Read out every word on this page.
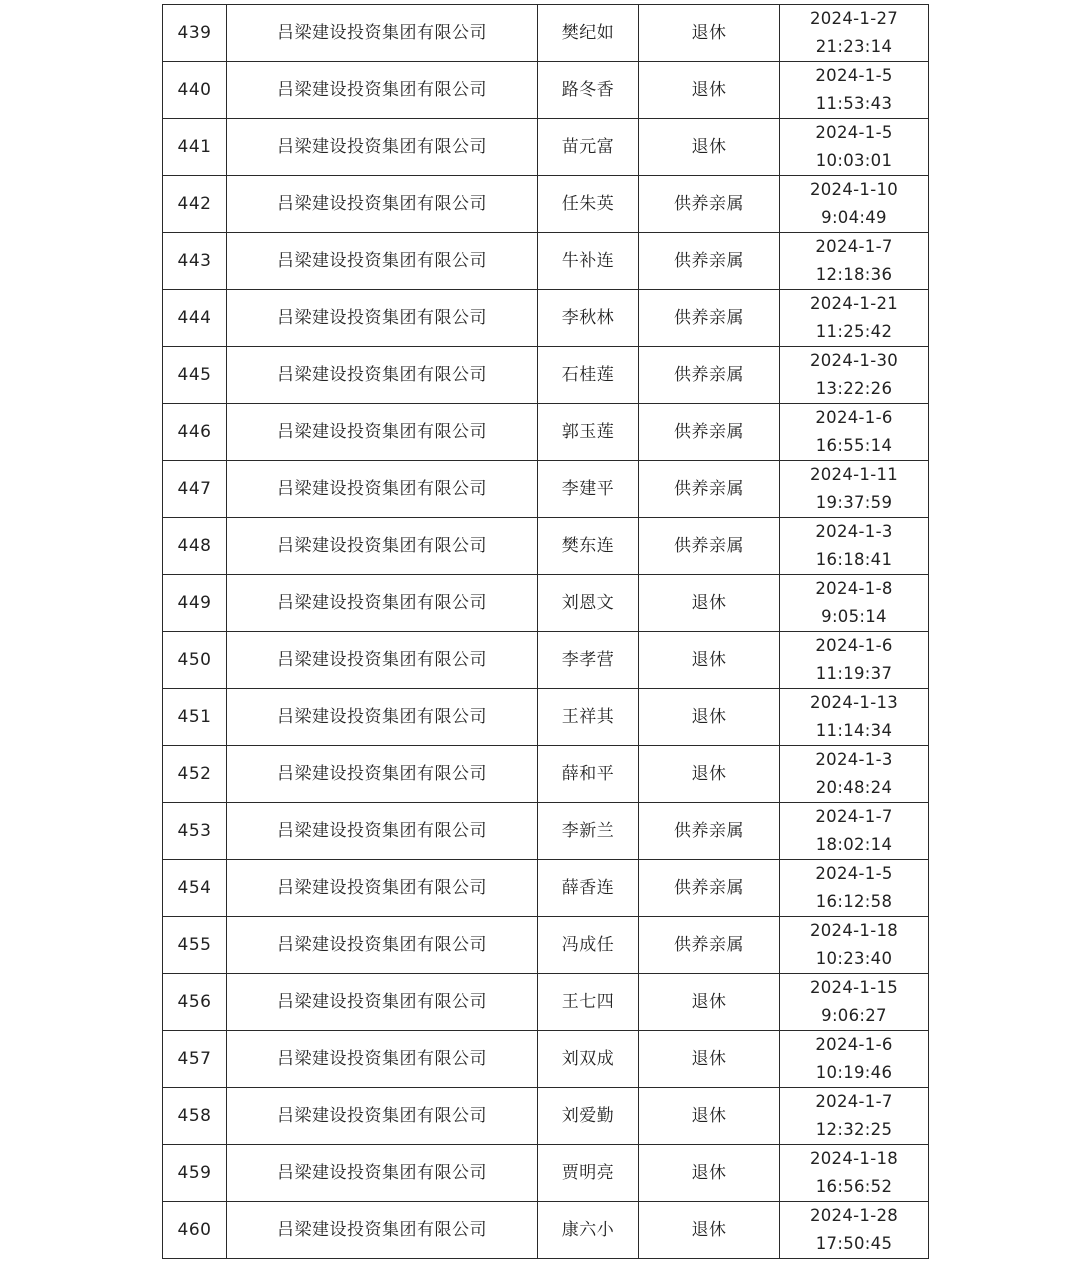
439	吕梁建设投资集团有限公司	樊纪如	退休	2024-1-27
21:23:14

440	吕梁建设投资集团有限公司	路冬香	退休	2024-1-5
11:53:43

441	吕梁建设投资集团有限公司	苗元富	退休	2024-1-5
10:03:01

442	吕梁建设投资集团有限公司	任朱英	供养亲属	2024-1-10
9:04:49

443	吕梁建设投资集团有限公司	牛补连	供养亲属	2024-1-7
12:18:36

444	吕梁建设投资集团有限公司	李秋林	供养亲属	2024-1-21
11:25:42

445	吕梁建设投资集团有限公司	石桂莲	供养亲属	2024-1-30
13:22:26

446	吕梁建设投资集团有限公司	郭玉莲	供养亲属	2024-1-6
16:55:14

447	吕梁建设投资集团有限公司	李建平	供养亲属	2024-1-11
19:37:59

448	吕梁建设投资集团有限公司	樊东连	供养亲属	2024-1-3
16:18:41

449	吕梁建设投资集团有限公司	刘恩文	退休	2024-1-8
9:05:14

450	吕梁建设投资集团有限公司	李孝营	退休	2024-1-6
11:19:37

451	吕梁建设投资集团有限公司	王祥其	退休	2024-1-13
11:14:34

452	吕梁建设投资集团有限公司	薛和平	退休	2024-1-3
20:48:24

453	吕梁建设投资集团有限公司	李新兰	供养亲属	2024-1-7
18:02:14

454	吕梁建设投资集团有限公司	薛香连	供养亲属	2024-1-5
16:12:58

455	吕梁建设投资集团有限公司	冯成任	供养亲属	2024-1-18
10:23:40

456	吕梁建设投资集团有限公司	王七四	退休	2024-1-15
9:06:27

457	吕梁建设投资集团有限公司	刘双成	退休	2024-1-6
10:19:46

458	吕梁建设投资集团有限公司	刘爱勤	退休	2024-1-7
12:32:25

459	吕梁建设投资集团有限公司	贾明亮	退休	2024-1-18
16:56:52

460	吕梁建设投资集团有限公司	康六小	退休	2024-1-28
17:50:45
